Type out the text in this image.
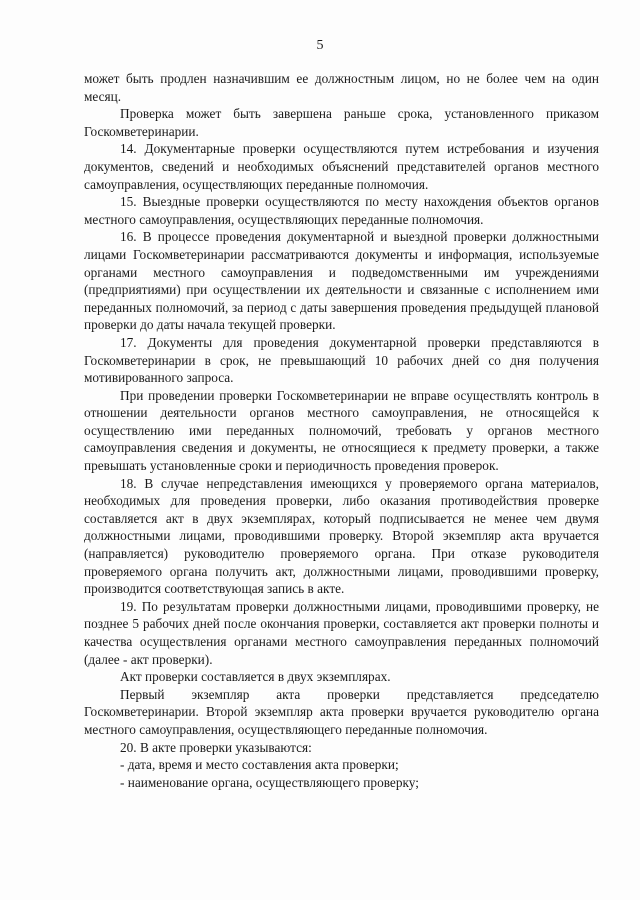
5

может быть продлен назначившим ее должностным лицом, но не более чем на один месяц.

Проверка может быть завершена раньше срока, установленного приказом Госкомветеринарии.

14. Документарные проверки осуществляются путем истребования и изучения документов, сведений и необходимых объяснений представителей органов местного самоуправления, осуществляющих переданные полномочия.

15. Выездные проверки осуществляются по месту нахождения объектов органов местного самоуправления, осуществляющих переданные полномочия.

16. В процессе проведения документарной и выездной проверки должностными лицами Госкомветеринарии рассматриваются документы и информация, используемые органами местного самоуправления и подведомственными им учреждениями (предприятиями) при осуществлении их деятельности и связанные с исполнением ими переданных полномочий, за период с даты завершения проведения предыдущей плановой проверки до даты начала текущей проверки.

17. Документы для проведения документарной проверки представляются в Госкомветеринарии в срок, не превышающий 10 рабочих дней со дня получения мотивированного запроса.

При проведении проверки Госкомветеринарии не вправе осуществлять контроль в отношении деятельности органов местного самоуправления, не относящейся к осуществлению ими переданных полномочий, требовать у органов местного самоуправления сведения и документы, не относящиеся к предмету проверки, а также превышать установленные сроки и периодичность проведения проверок.

18. В случае непредставления имеющихся у проверяемого органа материалов, необходимых для проведения проверки, либо оказания противодействия проверке составляется акт в двух экземплярах, который подписывается не менее чем двумя должностными лицами, проводившими проверку. Второй экземпляр акта вручается (направляется) руководителю проверяемого органа. При отказе руководителя проверяемого органа получить акт, должностными лицами, проводившими проверку, производится соответствующая запись в акте.

19. По результатам проверки должностными лицами, проводившими проверку, не позднее 5 рабочих дней после окончания проверки, составляется акт проверки полноты и качества осуществления органами местного самоуправления переданных полномочий (далее - акт проверки).

Акт проверки составляется в двух экземплярах.

Первый экземпляр акта проверки представляется председателю Госкомветеринарии. Второй экземпляр акта проверки вручается руководителю органа местного самоуправления, осуществляющего переданные полномочия.

20. В акте проверки указываются:

- дата, время и место составления акта проверки;

- наименование органа, осуществляющего проверку;
